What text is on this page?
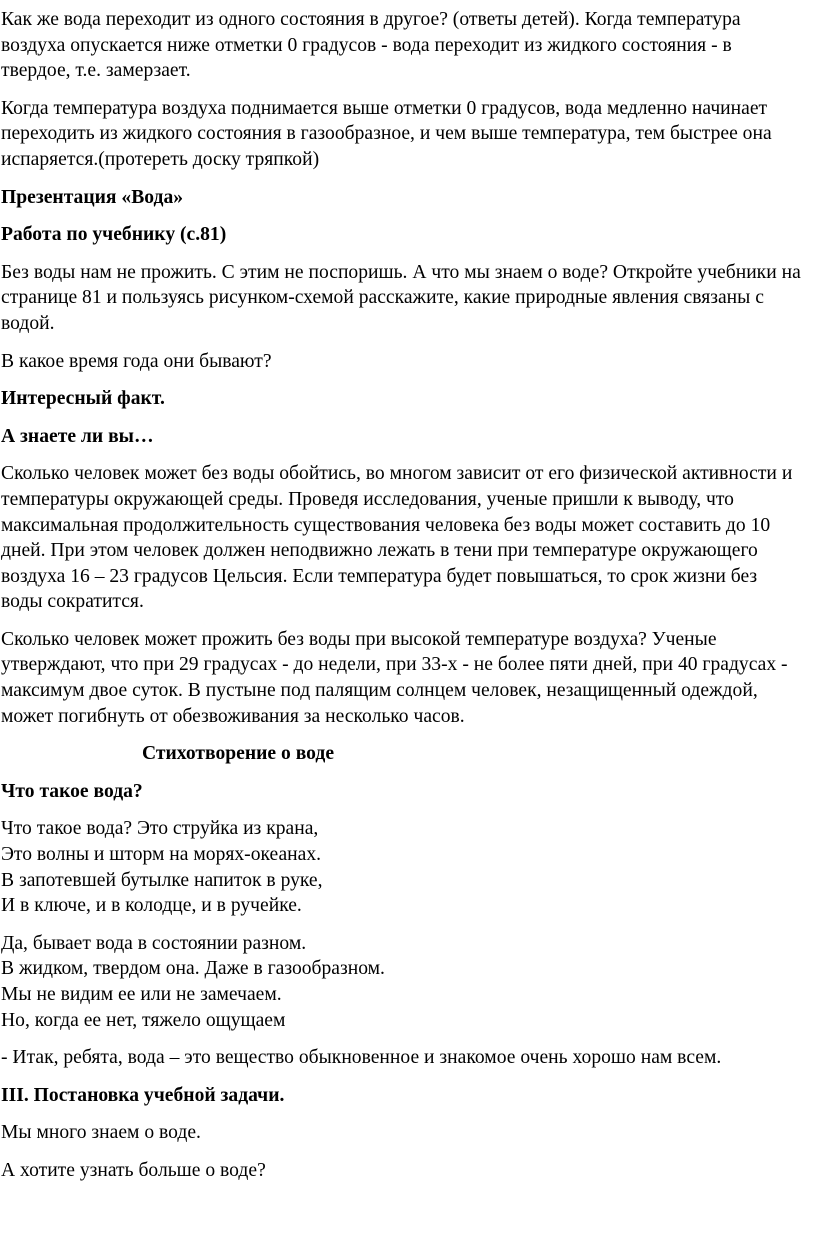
Как же вода переходит из одного состояния в другое? (ответы детей). Когда температура воздуха опускается ниже отметки 0 градусов - вода переходит из жидкого состояния - в твердое, т.е. замерзает.

Когда температура воздуха поднимается выше отметки 0 градусов, вода медленно начинает переходить из жидкого состояния в газообразное, и чем выше температура, тем быстрее она испаряется.(протереть доску тряпкой)

Презентация «Вода»

Работа по учебнику (с.81)

Без воды нам не прожить. С этим не поспоришь. А что мы знаем о воде? Откройте учебники на странице 81 и пользуясь рисунком-схемой расскажите, какие природные явления связаны с водой.

В какое время года они бывают?

Интересный факт.

А знаете ли вы…

Сколько человек может без воды обойтись, во многом зависит от его физической активности и температуры окружающей среды. Проведя исследования, ученые пришли к выводу, что максимальная продолжительность существования человека без воды может составить до 10 дней. При этом человек должен неподвижно лежать в тени при температуре окружающего воздуха 16 – 23 градусов Цельсия. Если температура будет повышаться, то срок жизни без воды сократится.

Сколько человек может прожить без воды при высокой температуре воздуха? Ученые утверждают, что при 29 градусах - до недели, при 33-х - не более пяти дней, при 40 градусах - максимум двое суток. В пустыне под палящим солнцем человек, незащищенный одеждой, может погибнуть от обезвоживания за несколько часов.

Стихотворение о воде

Что такое вода?

Что такое вода? Это струйка из крана,
Это волны и шторм на морях-океанах.
В запотевшей бутылке напиток в руке,
И в ключе, и в колодце, и в ручейке.
Да, бывает вода в состоянии разном.
В жидком, твердом она. Даже в газообразном.
Мы не видим ее или не замечаем.
Но, когда ее нет, тяжело ощущаем

- Итак, ребята, вода – это вещество обыкновенное и знакомое очень хорошо нам всем.

III. Постановка учебной задачи.

Мы много знаем о воде.

А хотите узнать больше о воде?
